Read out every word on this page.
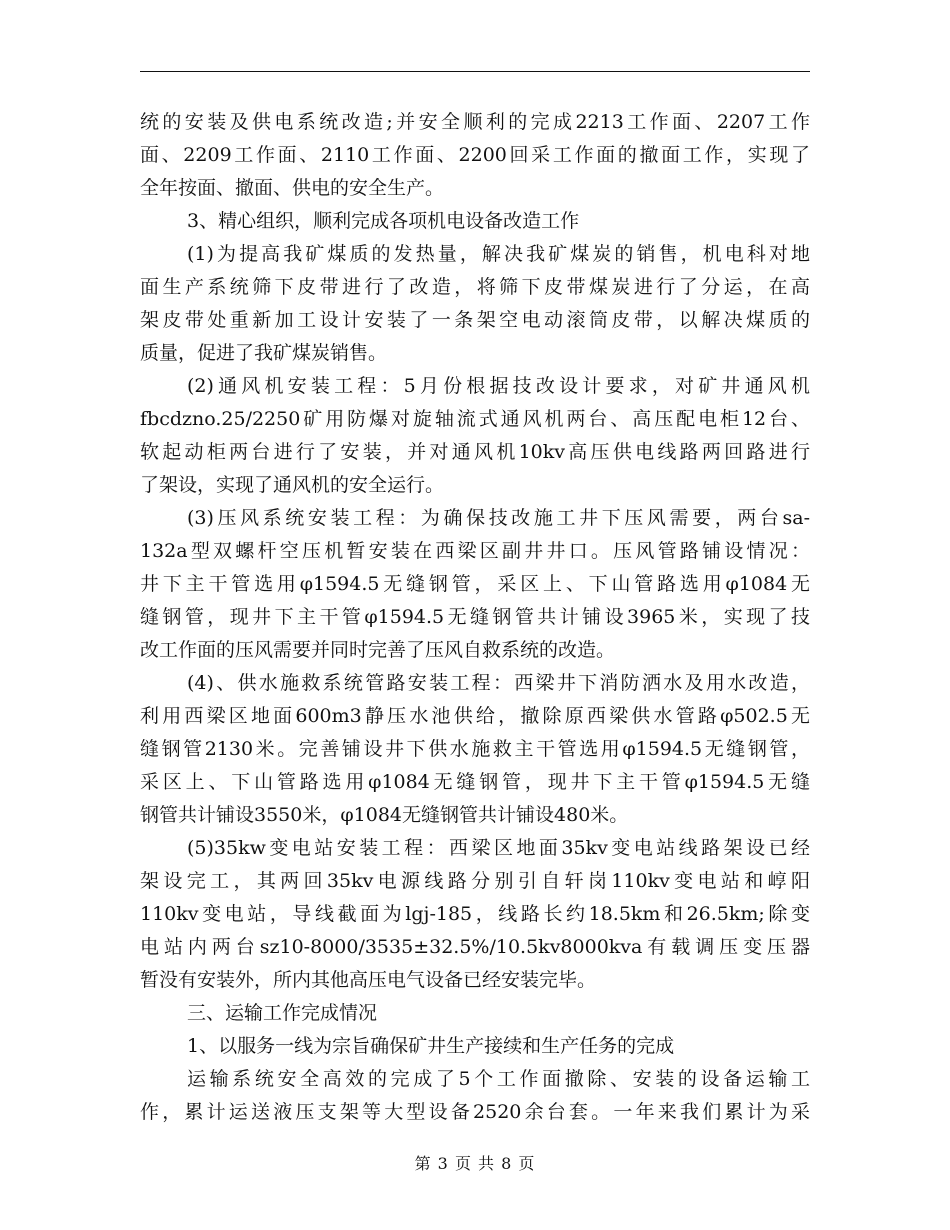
统的安装及供电系统改造;并安全顺利的完成2213工作面、2207工作
面、2209工作面、2110工作面、2200回采工作面的撤面工作，实现了
全年按面、撤面、供电的安全生产。
3、精心组织，顺利完成各项机电设备改造工作
(1)为提高我矿煤质的发热量，解决我矿煤炭的销售，机电科对地
面生产系统筛下皮带进行了改造，将筛下皮带煤炭进行了分运，在高
架皮带处重新加工设计安装了一条架空电动滚筒皮带，以解决煤质的
质量，促进了我矿煤炭销售。
(2)通风机安装工程：5月份根据技改设计要求，对矿井通风机
fbcdzno.25/2250矿用防爆对旋轴流式通风机两台、高压配电柜12台、
软起动柜两台进行了安装，并对通风机10kv高压供电线路两回路进行
了架设，实现了通风机的安全运行。
(3)压风系统安装工程：为确保技改施工井下压风需要，两台sa-
132a型双螺杆空压机暂安装在西梁区副井井口。压风管路铺设情况：
井下主干管选用φ1594.5无缝钢管，采区上、下山管路选用φ1084无
缝钢管，现井下主干管φ1594.5无缝钢管共计铺设3965米，实现了技
改工作面的压风需要并同时完善了压风自救系统的改造。
(4)、供水施救系统管路安装工程：西梁井下消防洒水及用水改造，
利用西梁区地面600m3静压水池供给，撤除原西梁供水管路φ502.5无
缝钢管2130米。完善铺设井下供水施救主干管选用φ1594.5无缝钢管，
采区上、下山管路选用φ1084无缝钢管，现井下主干管φ1594.5无缝
钢管共计铺设3550米，φ1084无缝钢管共计铺设480米。
(5)35kw变电站安装工程：西梁区地面35kv变电站线路架设已经
架设完工，其两回35kv电源线路分别引自轩岗110kv变电站和崞阳
110kv变电站，导线截面为lgj-185，线路长约18.5km和26.5km;除变
电站内两台sz10-8000/3535±32.5%/10.5kv8000kva有载调压变压器
暂没有安装外，所内其他高压电气设备已经安装完毕。
三、运输工作完成情况
1、以服务一线为宗旨确保矿井生产接续和生产任务的完成
运输系统安全高效的完成了5个工作面撤除、安装的设备运输工
作，累计运送液压支架等大型设备2520余台套。一年来我们累计为采
第 3 页 共 8 页
